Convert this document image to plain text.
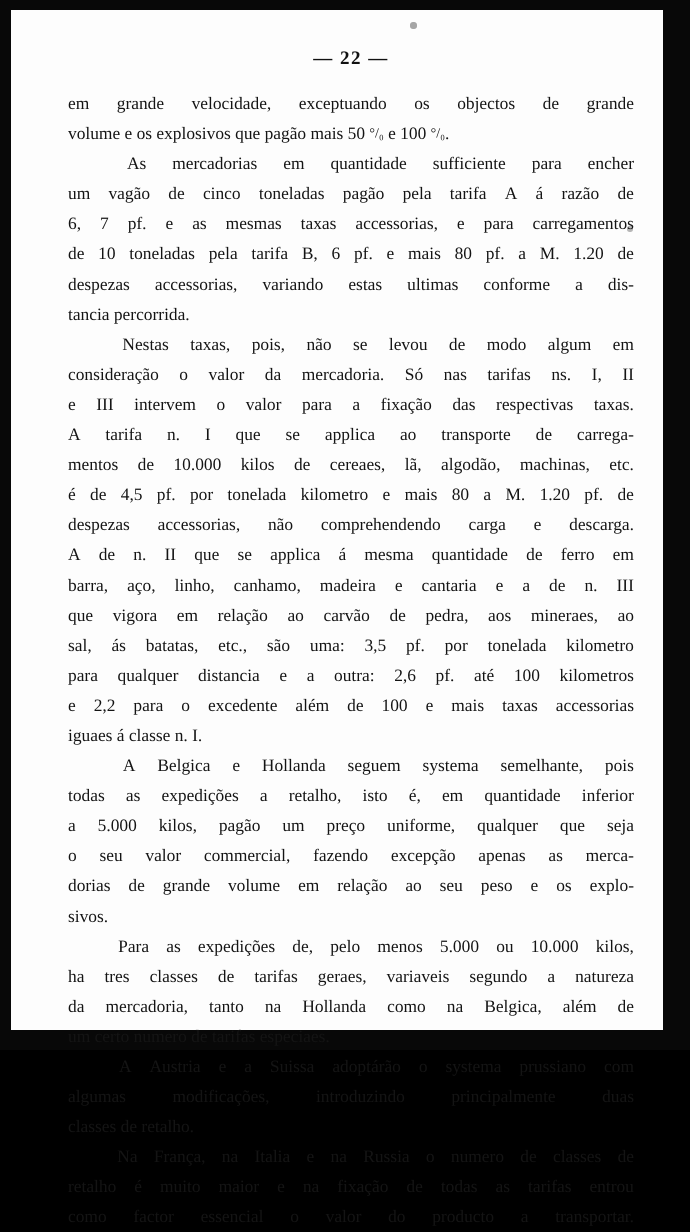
— 22 —

em grande velocidade, exceptuando os objectos de grande
volume e os explosivos que pagão mais 50 °/₀ e 100 °/₀.

As mercadorias em quantidade sufficiente para encher
um vagão de cinco toneladas pagão pela tarifa A á razão de
6, 7 pf. e as mesmas taxas accessorias, e para carregamentos
de 10 toneladas pela tarifa B, 6 pf. e mais 80 pf. a M. 1.20 de
despezas accessorias, variando estas ultimas conforme a dis-
tancia percorrida.

Nestas taxas, pois, não se levou de modo algum em
consideração o valor da mercadoria. Só nas tarifas ns. I, II
e III intervem o valor para a fixação das respectivas taxas.
A tarifa n. I que se applica ao transporte de carrega-
mentos de 10.000 kilos de cereaes, lã, algodão, machinas, etc.
é de 4,5 pf. por tonelada kilometro e mais 80 a M. 1.20 pf. de
despezas accessorias, não comprehendendo carga e descarga.
A de n. II que se applica á mesma quantidade de ferro em
barra, aço, linho, canhamo, madeira e cantaria e a de n. III
que vigora em relação ao carvão de pedra, aos mineraes, ao
sal, ás batatas, etc., são uma: 3,5 pf. por tonelada kilometro
para qualquer distancia e a outra: 2,6 pf. até 100 kilometros
e 2,2 para o excedente além de 100 e mais taxas accessorias
iguaes á classe n. I.

A Belgica e Hollanda seguem systema semelhante, pois
todas as expedições a retalho, isto é, em quantidade inferior
a 5.000 kilos, pagão um preço uniforme, qualquer que seja
o seu valor commercial, fazendo excepção apenas as merca-
dorias de grande volume em relação ao seu peso e os explo-
sivos.

Para as expedições de, pelo menos 5.000 ou 10.000 kilos,
ha tres classes de tarifas geraes, variaveis segundo a natureza
da mercadoria, tanto na Hollanda como na Belgica, além de
um certo numero de tarifas especiaes.

A Austria e a Suissa adoptárão o systema prussiano com
algumas	modificações,	introduzindo	principalmente	duas
classes de retalho.

Na França, na Italia e na Russia o numero de classes de
retalho é muito maior e na fixação de todas as tarifas entrou
como factor essencial o valor do producto a transportar.
